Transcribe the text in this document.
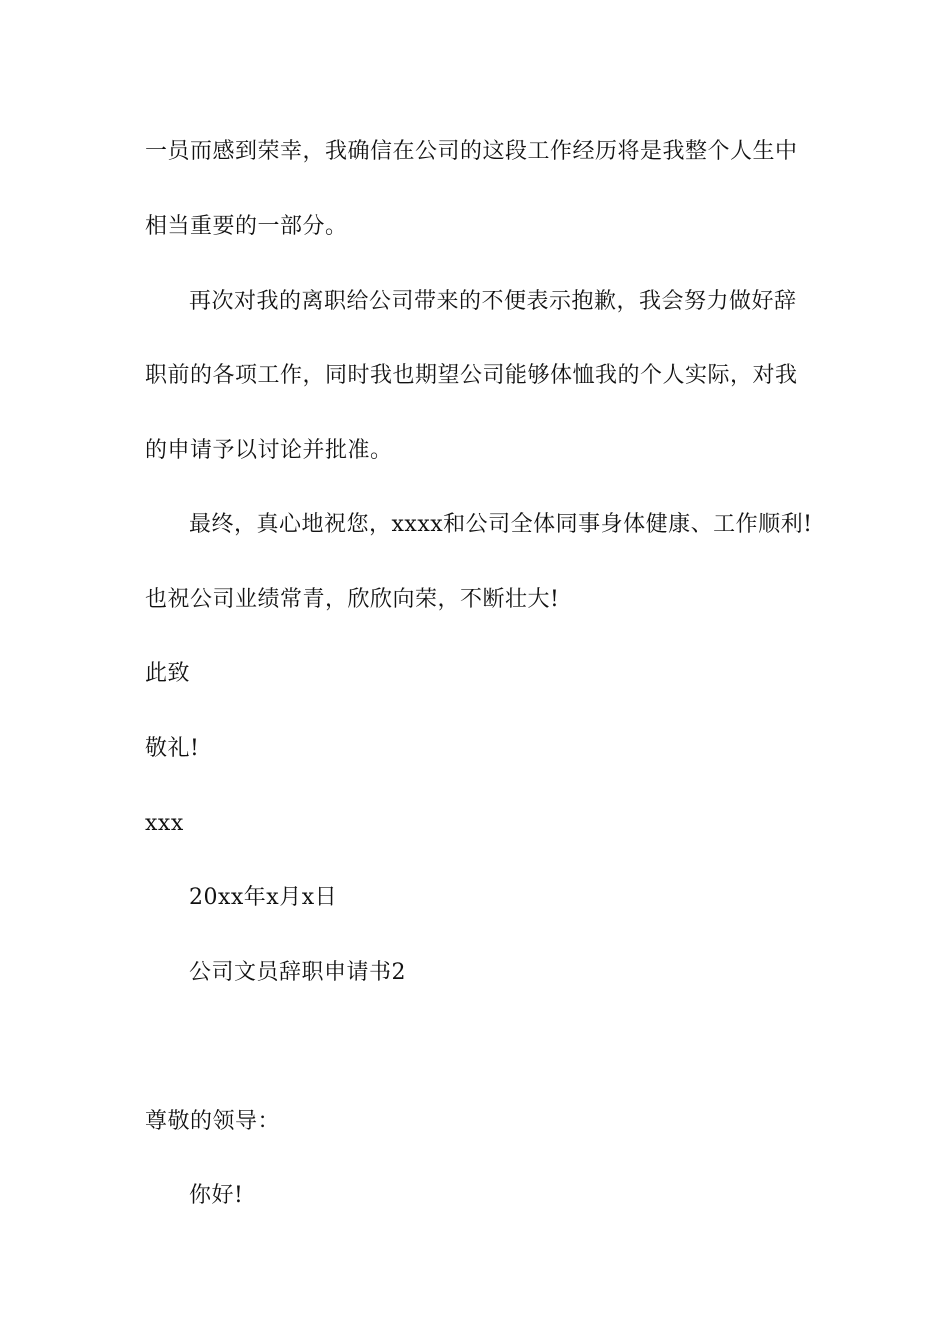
一员而感到荣幸，我确信在公司的这段工作经历将是我整个人生中
相当重要的一部分。
再次对我的离职给公司带来的不便表示抱歉，我会努力做好辞
职前的各项工作，同时我也期望公司能够体恤我的个人实际，对我
的申请予以讨论并批准。
最终，真心地祝您，xxxx和公司全体同事身体健康、工作顺利!
也祝公司业绩常青，欣欣向荣，不断壮大!
此致
敬礼!
xxx
20xx年x月x日
公司文员辞职申请书2
尊敬的领导：
你好!
